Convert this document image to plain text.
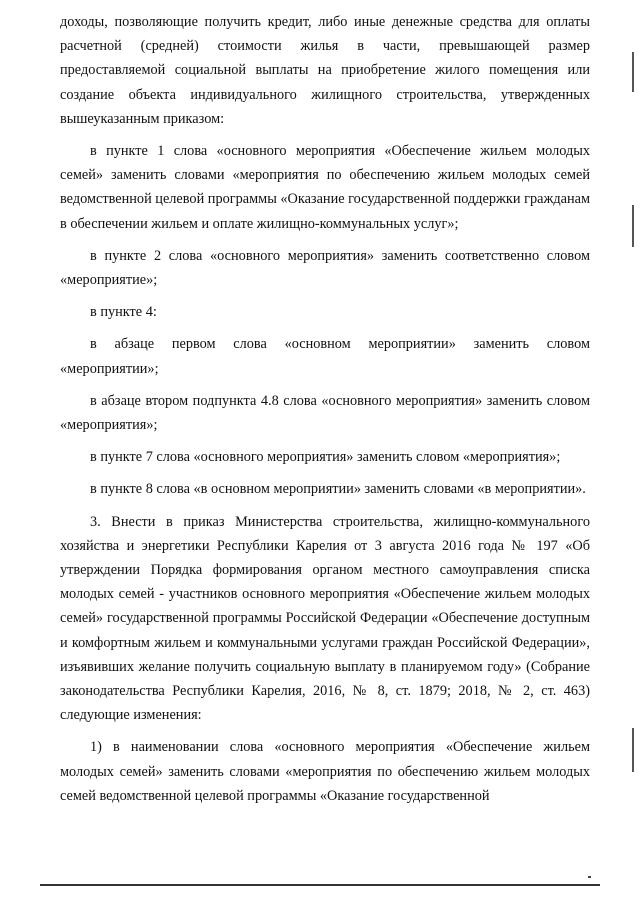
доходы, позволяющие получить кредит, либо иные денежные средства для оплаты расчетной (средней) стоимости жилья в части, превышающей размер предоставляемой социальной выплаты на приобретение жилого помещения или создание объекта индивидуального жилищного строительства, утвержденных вышеуказанным приказом:

в пункте 1 слова «основного мероприятия «Обеспечение жильем молодых семей» заменить словами «мероприятия по обеспечению жильем молодых семей ведомственной целевой программы «Оказание государственной поддержки гражданам в обеспечении жильем и оплате жилищно-коммунальных услуг»;

в пункте 2 слова «основного мероприятия» заменить соответственно словом «мероприятие»;

в пункте 4:

в абзаце первом слова «основном мероприятии» заменить словом «мероприятии»;

в абзаце втором подпункта 4.8 слова «основного мероприятия» заменить словом «мероприятия»;

в пункте 7 слова «основного мероприятия» заменить словом «мероприятия»;

в пункте 8 слова «в основном мероприятии» заменить словами «в мероприятии».

3. Внести в приказ Министерства строительства, жилищно-коммунального хозяйства и энергетики Республики Карелия от 3 августа 2016 года № 197 «Об утверждении Порядка формирования органом местного самоуправления списка молодых семей - участников основного мероприятия «Обеспечение жильем молодых семей» государственной программы Российской Федерации «Обеспечение доступным и комфортным жильем и коммунальными услугами граждан Российской Федерации», изъявивших желание получить социальную выплату в планируемом году» (Собрание законодательства Республики Карелия, 2016, № 8, ст. 1879; 2018, № 2, ст. 463) следующие изменения:

1) в наименовании слова «основного мероприятия «Обеспечение жильем молодых семей» заменить словами «мероприятия по обеспечению жильем молодых семей ведомственной целевой программы «Оказание государственной
